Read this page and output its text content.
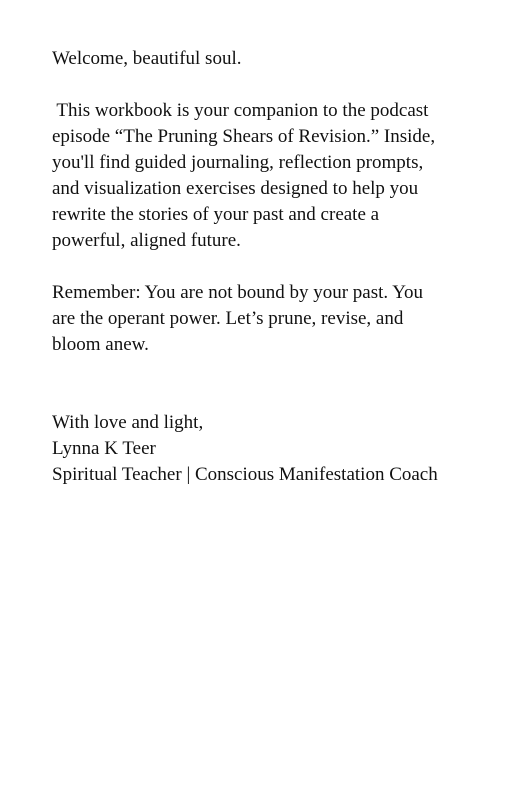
Welcome, beautiful soul.

This workbook is your companion to the podcast
episode “The Pruning Shears of Revision.” Inside,
you'll find guided journaling, reflection prompts,
and visualization exercises designed to help you
rewrite the stories of your past and create a
powerful, aligned future.
Remember: You are not bound by your past. You
are the operant power. Let’s prune, revise, and
bloom anew.
With love and light,
Lynna K Teer
Spiritual Teacher | Conscious Manifestation Coach
